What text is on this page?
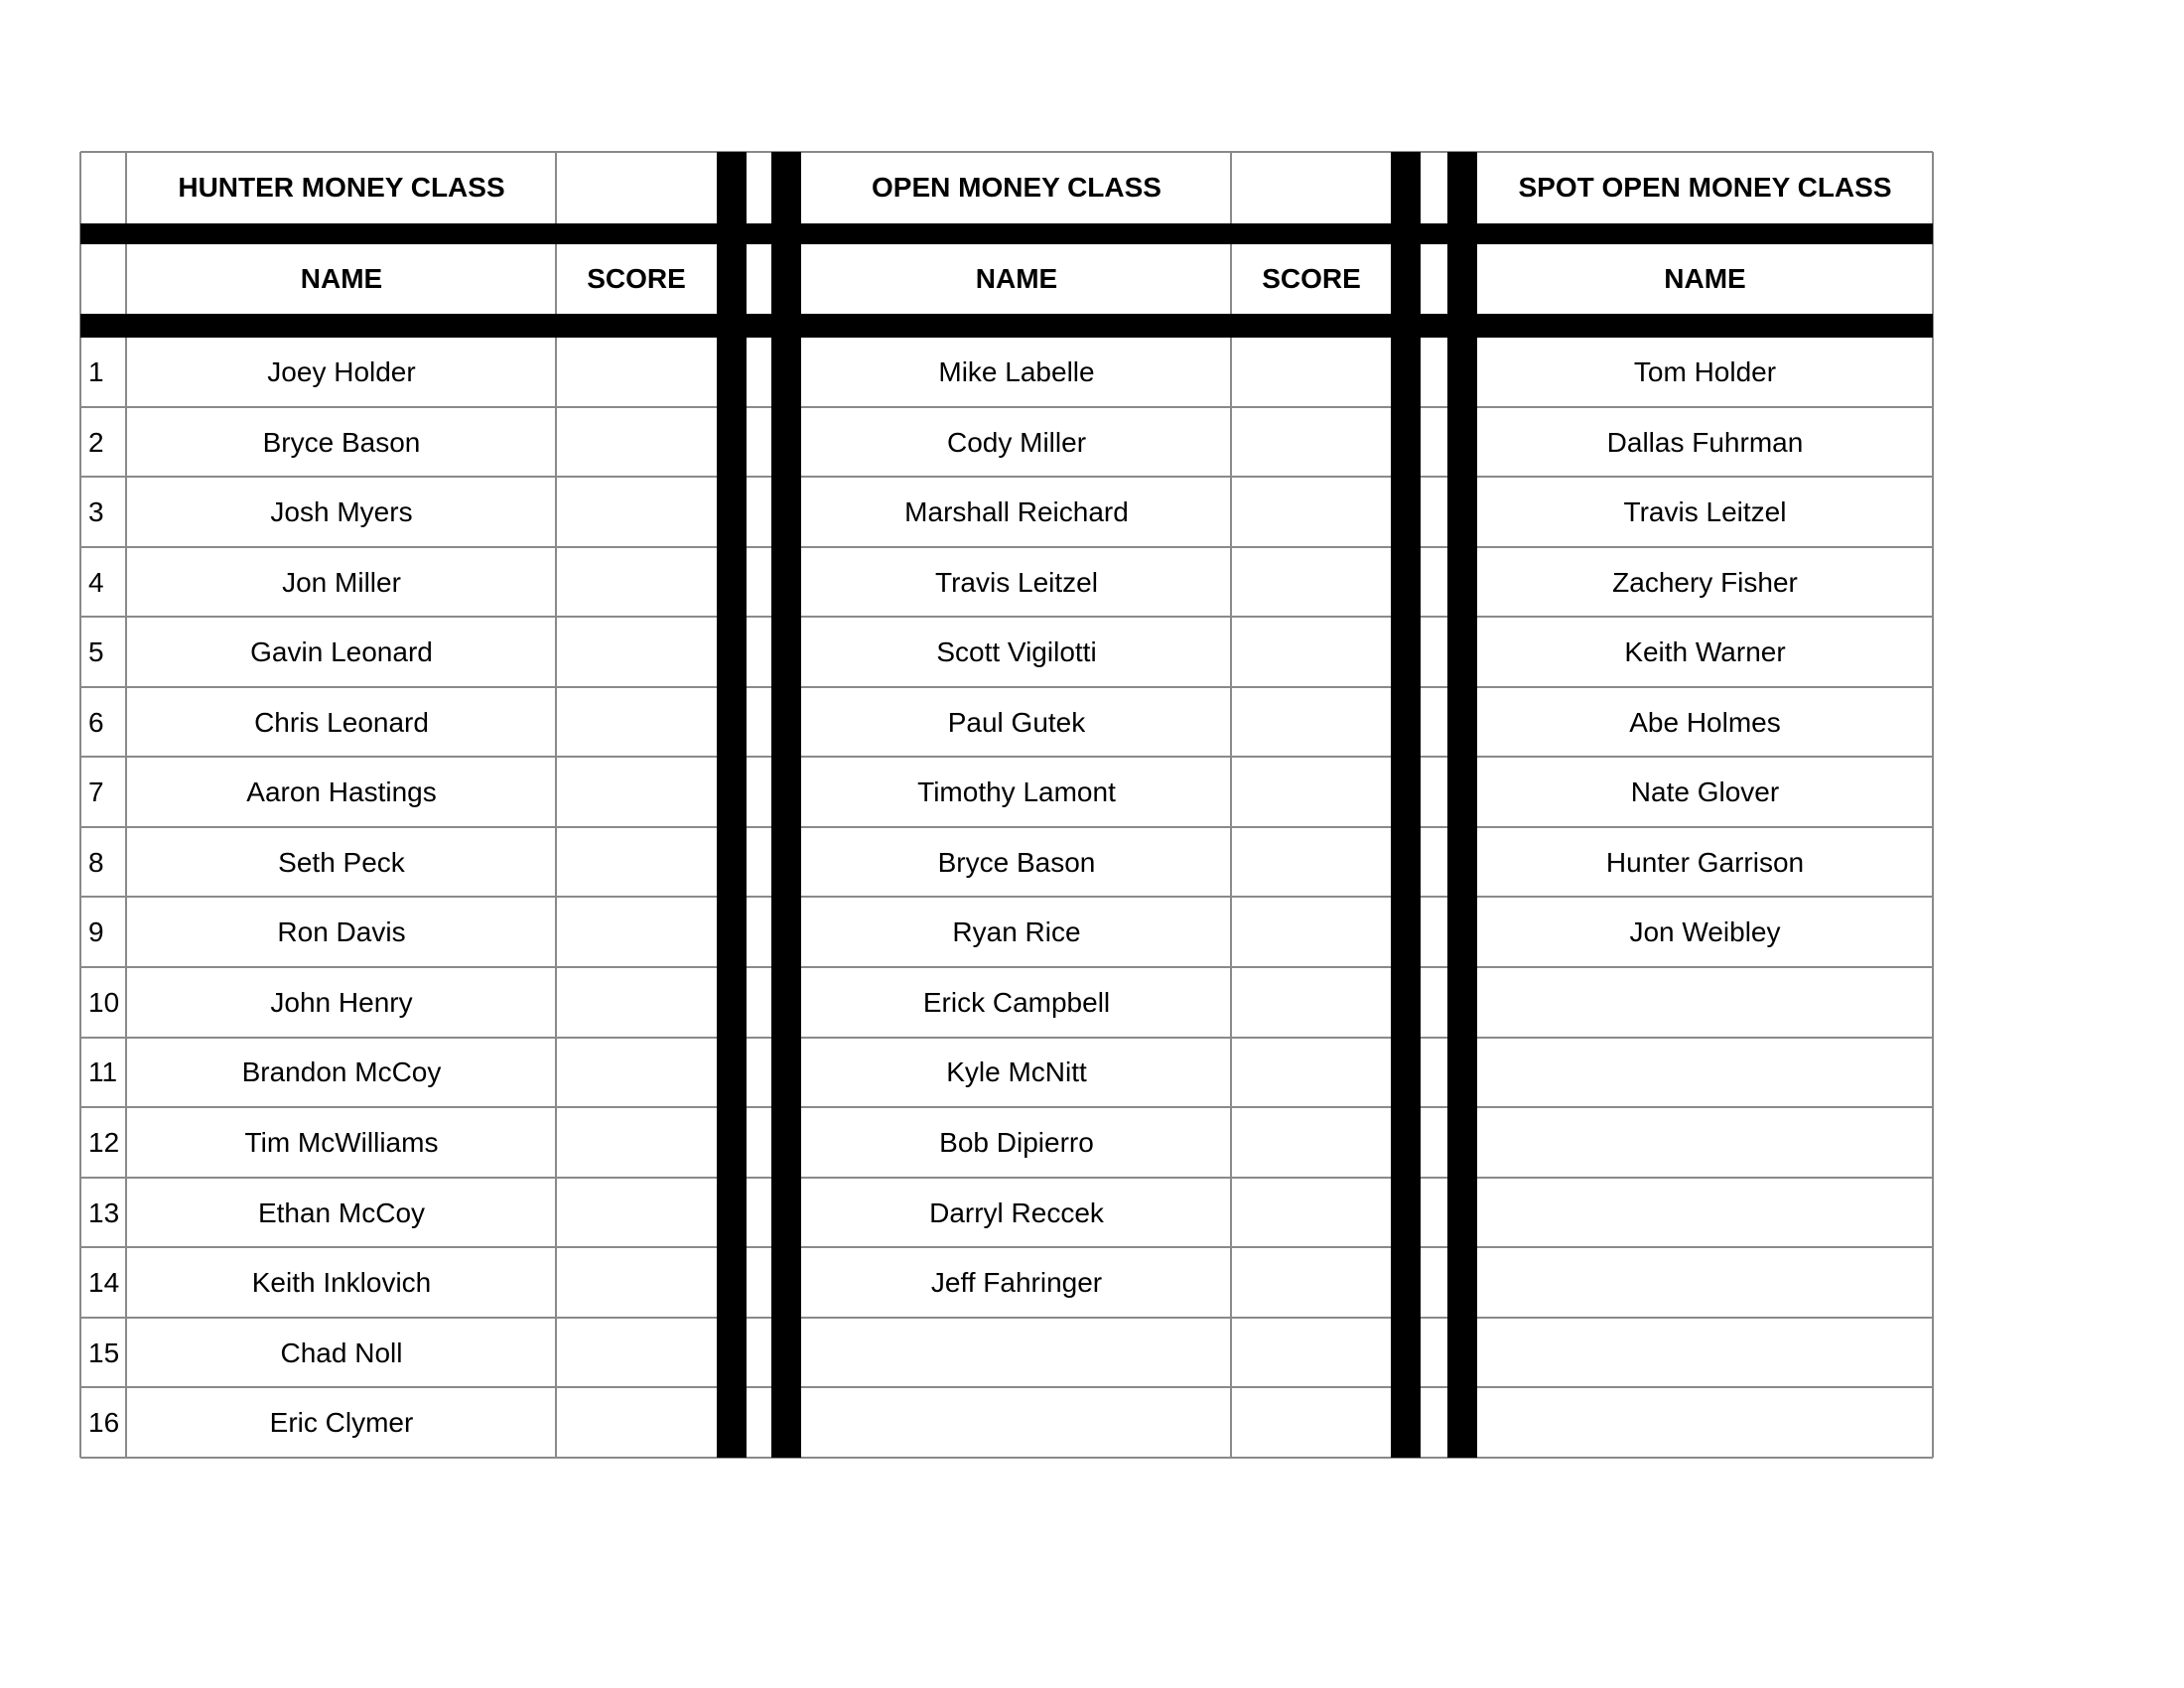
HUNTER MONEY CLASS
NAME	SCORE
Joey Holder
Bryce Bason
Josh Myers
Jon Miller
Gavin Leonard
Chris Leonard
Aaron Hastings
Seth Peck
Ron Davis
John Henry
Brandon McCoy
Tim McWilliams
Ethan McCoy
Keith Inklovich
Chad Noll
Eric Clymer
OPEN MONEY CLASS
NAME	SCORE
Mike Labelle
Cody Miller
Marshall Reichard
Travis Leitzel
Scott Vigilotti
Paul Gutek
Timothy Lamont
Bryce Bason
Ryan Rice
Erick Campbell
Kyle McNitt
Bob Dipierro
Darryl Reccek
Jeff Fahringer
SPOT OPEN MONEY CLASS
NAME
Tom Holder
Dallas Fuhrman
Travis Leitzel
Zachery Fisher
Keith Warner
Abe Holmes
Nate Glover
Hunter Garrison
Jon Weibley
1
2
3
4
5
6
7
8
9
10
11
12
13
14
15
16
